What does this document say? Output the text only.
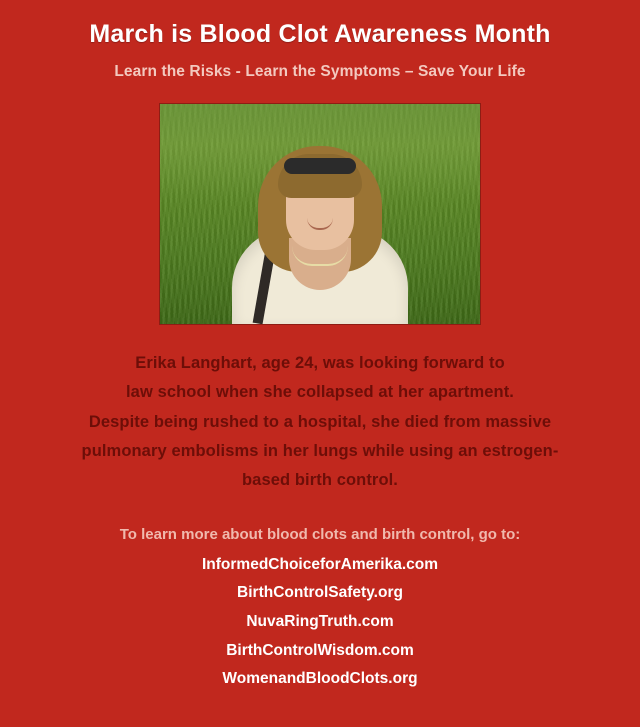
March is Blood Clot Awareness Month
Learn the Risks - Learn the Symptoms – Save Your Life
Erika Langhart, age 24, was looking forward to
law school when she collapsed at her apartment.
Despite being rushed to a hospital, she died from massive
pulmonary embolisms in her lungs while using an estrogen-
based birth control.
To learn more about blood clots and birth control, go to:
InformedChoiceforAmerika.com
BirthControlSafety.org
NuvaRingTruth.com
BirthControlWisdom.com
WomenandBloodClots.org
